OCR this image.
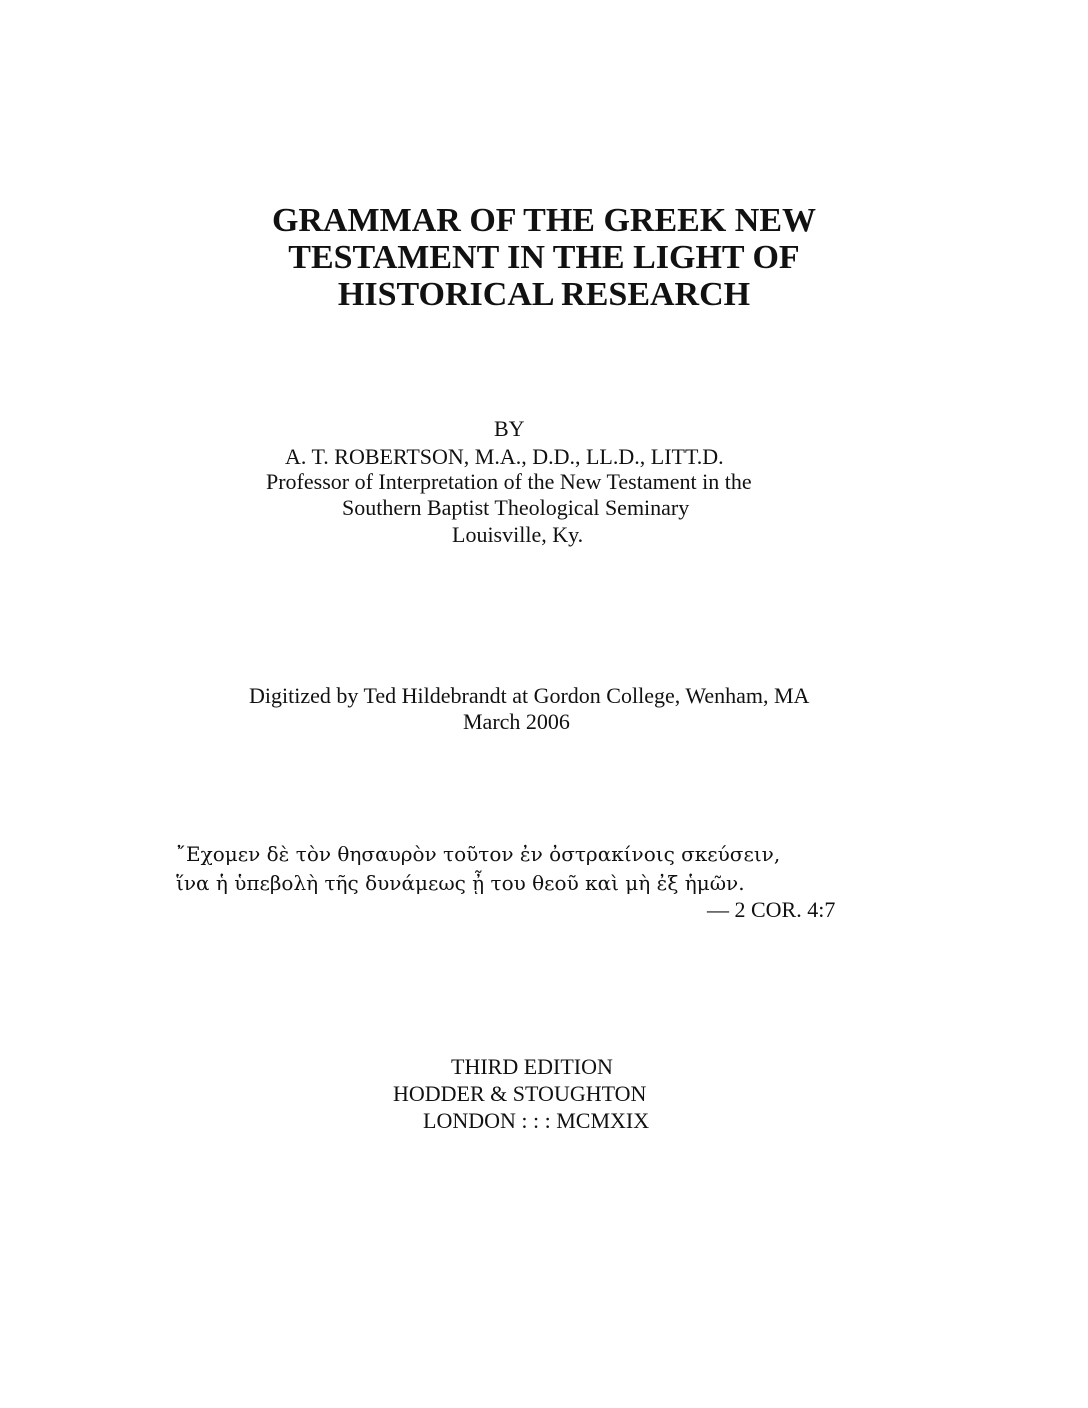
GRAMMAR OF THE GREEK NEW
TESTAMENT IN THE LIGHT OF
HISTORICAL RESEARCH
BY
A. T. ROBERTSON, M.A., D.D., LL.D., LITT.D.
Professor of Interpretation of the New Testament in the
Southern Baptist Theological Seminary
Louisville, Ky.
Digitized by Ted Hildebrandt at Gordon College, Wenham, MA
March 2006
῎Εχομεν δὲ τὸν θησαυρὸν τοῦτον ἐν ὀστρακίνοις σκεύσειν,
ἵνα ἡ ὑπεβολὴ τῆς δυνάμεως ᾖ του θεοῦ καὶ μὴ ἐξ ἡμῶν.
— 2 COR. 4:7
THIRD EDITION
HODDER & STOUGHTON
LONDON : : : MCMXIX
